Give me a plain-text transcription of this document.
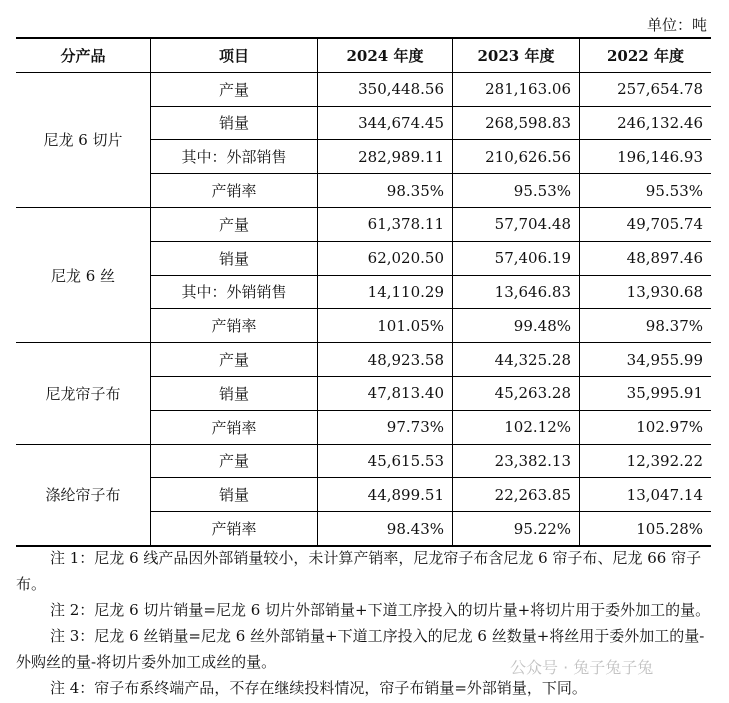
单位：吨
分产品	项目	2024 年度	2023 年度	2022 年度
尼龙 6 切片	产量	350,448.56	281,163.06	257,654.78
	销量	344,674.45	268,598.83	246,132.46
	其中：外部销售	282,989.11	210,626.56	196,146.93
	产销率	98.35%	95.53%	95.53%
尼龙 6 丝	产量	61,378.11	57,704.48	49,705.74
	销量	62,020.50	57,406.19	48,897.46
	其中：外销销售	14,110.29	13,646.83	13,930.68
	产销率	101.05%	99.48%	98.37%
尼龙帘子布	产量	48,923.58	44,325.28	34,955.99
	销量	47,813.40	45,263.28	35,995.91
	产销率	97.73%	102.12%	102.97%
涤纶帘子布	产量	45,615.53	23,382.13	12,392.22
	销量	44,899.51	22,263.85	13,047.14
	产销率	98.43%	95.22%	105.28%

注 1：尼龙 6 线产品因外部销量较小，未计算产销率，尼龙帘子布含尼龙 6 帘子布、尼龙 66 帘子布。

注 2：尼龙 6 切片销量=尼龙 6 切片外部销量+下道工序投入的切片量+将切片用于委外加工的量。

注 3：尼龙 6 丝销量=尼龙 6 丝外部销量+下道工序投入的尼龙 6 丝数量+将丝用于委外加工的量-外购丝的量-将切片委外加工成丝的量。

注 4：帘子布系终端产品，不存在继续投料情况，帘子布销量=外部销量，下同。

公众号 · 兔子兔子兔
